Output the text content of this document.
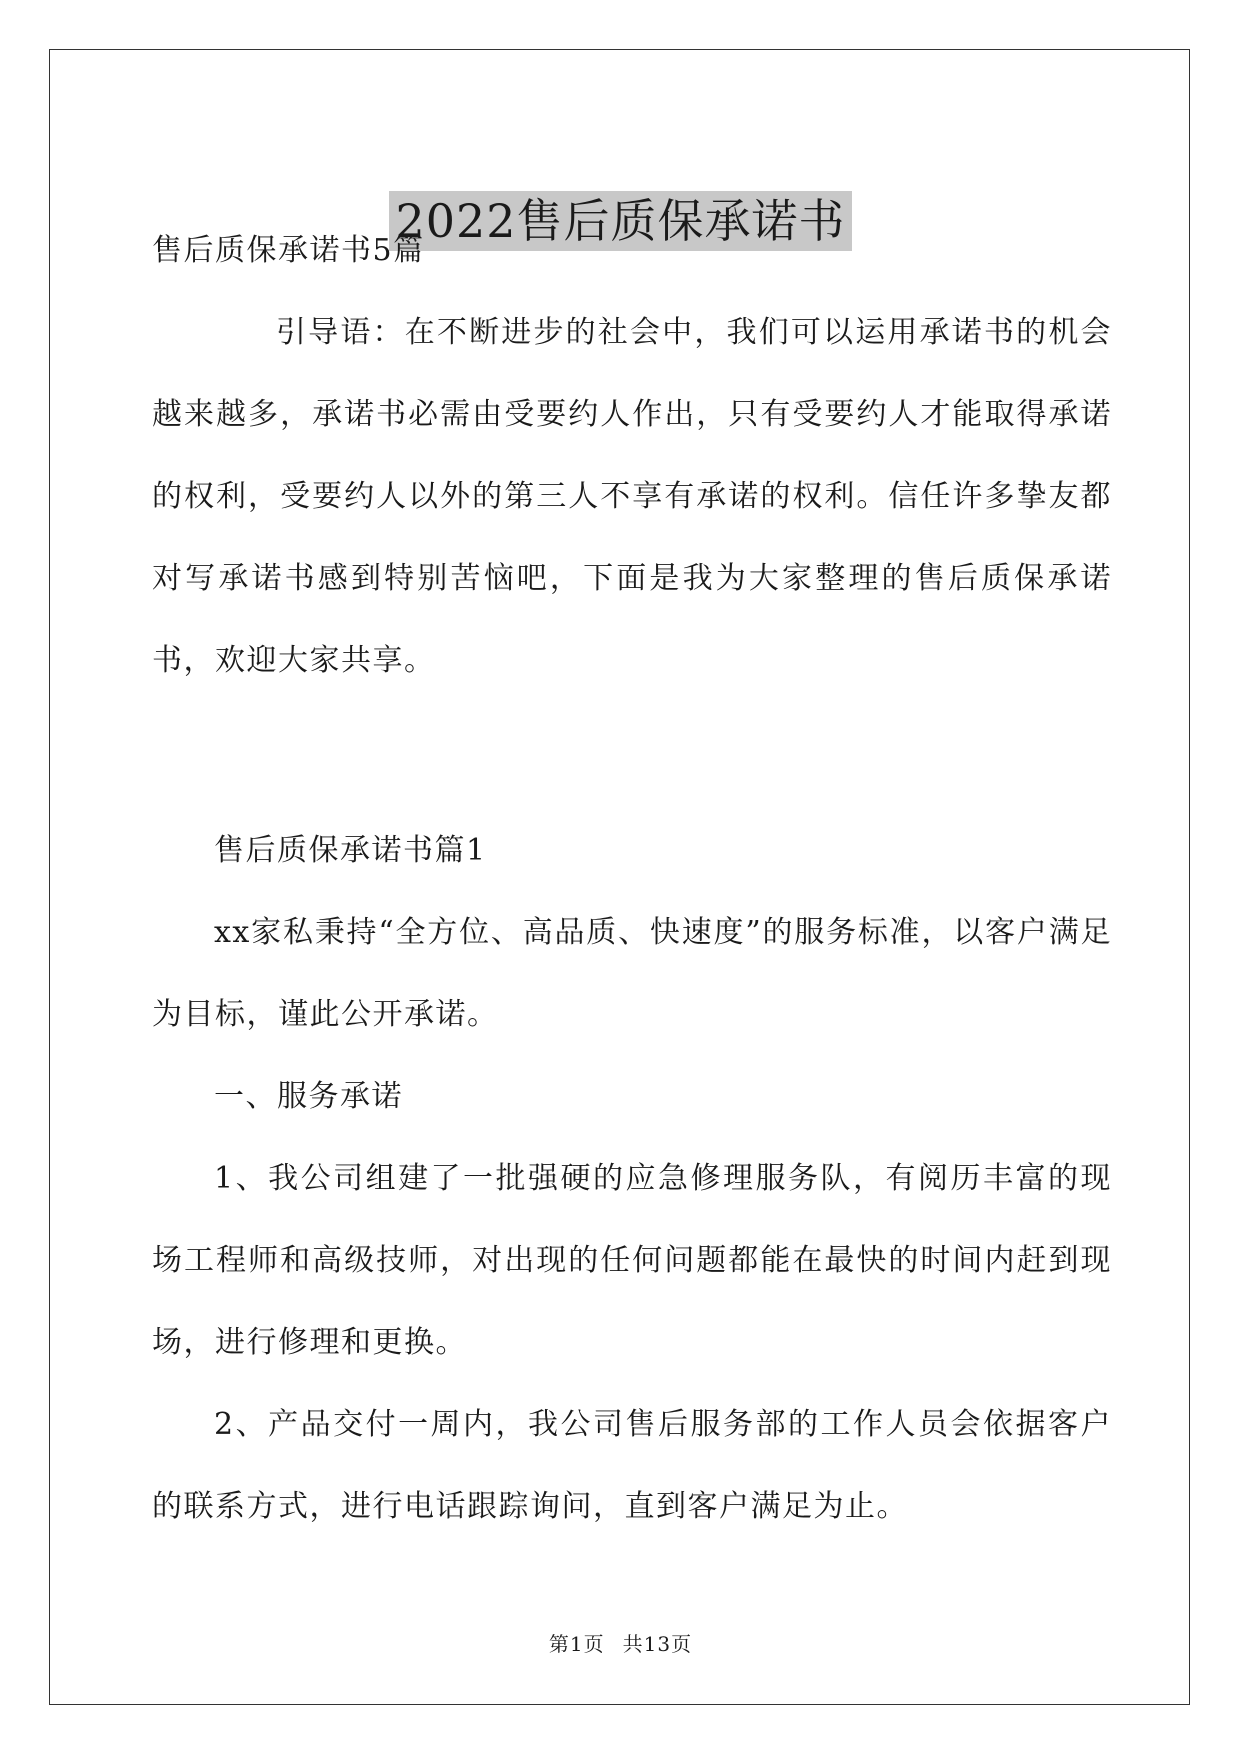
2022售后质保承诺书

售后质保承诺书5篇

引导语：在不断进步的社会中，我们可以运用承诺书的机会越来越多，承诺书必需由受要约人作出，只有受要约人才能取得承诺的权利，受要约人以外的第三人不享有承诺的权利。信任许多挚友都对写承诺书感到特别苦恼吧，下面是我为大家整理的售后质保承诺书，欢迎大家共享。

售后质保承诺书篇1

xx家私秉持“全方位、高品质、快速度”的服务标准，以客户满足为目标，谨此公开承诺。

一、服务承诺

1、我公司组建了一批强硬的应急修理服务队，有阅历丰富的现场工程师和高级技师，对出现的任何问题都能在最快的时间内赶到现场，进行修理和更换。

2、产品交付一周内，我公司售后服务部的工作人员会依据客户的联系方式，进行电话跟踪询问，直到客户满足为止。

第1页 共13页
